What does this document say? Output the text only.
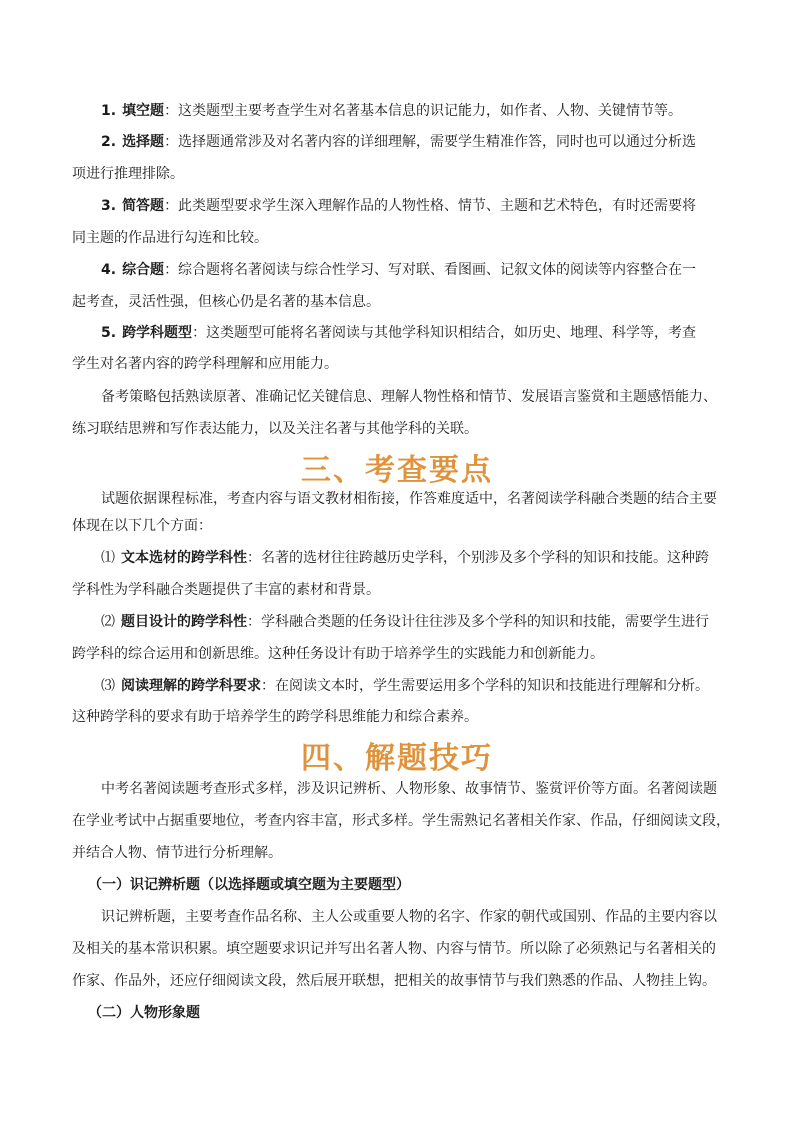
1. 填空题：这类题型主要考查学生对名著基本信息的识记能力，如作者、人物、关键情节等。
2. 选择题：选择题通常涉及对名著内容的详细理解，需要学生精准作答，同时也可以通过分析选
项进行推理排除。
3. 简答题：此类题型要求学生深入理解作品的人物性格、情节、主题和艺术特色，有时还需要将
同主题的作品进行勾连和比较。
4. 综合题：综合题将名著阅读与综合性学习、写对联、看图画、记叙文体的阅读等内容整合在一
起考查，灵活性强，但核心仍是名著的基本信息。
5. 跨学科题型：这类题型可能将名著阅读与其他学科知识相结合，如历史、地理、科学等，考查
学生对名著内容的跨学科理解和应用能力。
备考策略包括熟读原著、准确记忆关键信息、理解人物性格和情节、发展语言鉴赏和主题感悟能力、
练习联结思辨和写作表达能力，以及关注名著与其他学科的关联。
三、考查要点
试题依据课程标准，考查内容与语文教材相衔接，作答难度适中，名著阅读学科融合类题的结合主要
体现在以下几个方面：
⑴ 文本选材的跨学科性：名著的选材往往跨越历史学科，个别涉及多个学科的知识和技能。这种跨
学科性为学科融合类题提供了丰富的素材和背景。
⑵ 题目设计的跨学科性：学科融合类题的任务设计往往涉及多个学科的知识和技能，需要学生进行
跨学科的综合运用和创新思维。这种任务设计有助于培养学生的实践能力和创新能力。
⑶ 阅读理解的跨学科要求：在阅读文本时，学生需要运用多个学科的知识和技能进行理解和分析。
这种跨学科的要求有助于培养学生的跨学科思维能力和综合素养。
四、解题技巧
中考名著阅读题考查形式多样，涉及识记辨析、人物形象、故事情节、鉴赏评价等方面。名著阅读题
在学业考试中占据重要地位，考查内容丰富，形式多样。学生需熟记名著相关作家、作品，仔细阅读文段，
并结合人物、情节进行分析理解。
（一）识记辨析题（以选择题或填空题为主要题型）
识记辨析题，主要考查作品名称、主人公或重要人物的名字、作家的朝代或国别、作品的主要内容以
及相关的基本常识积累。填空题要求识记并写出名著人物、内容与情节。所以除了必须熟记与名著相关的
作家、作品外，还应仔细阅读文段，然后展开联想，把相关的故事情节与我们熟悉的作品、人物挂上钩。
（二）人物形象题
